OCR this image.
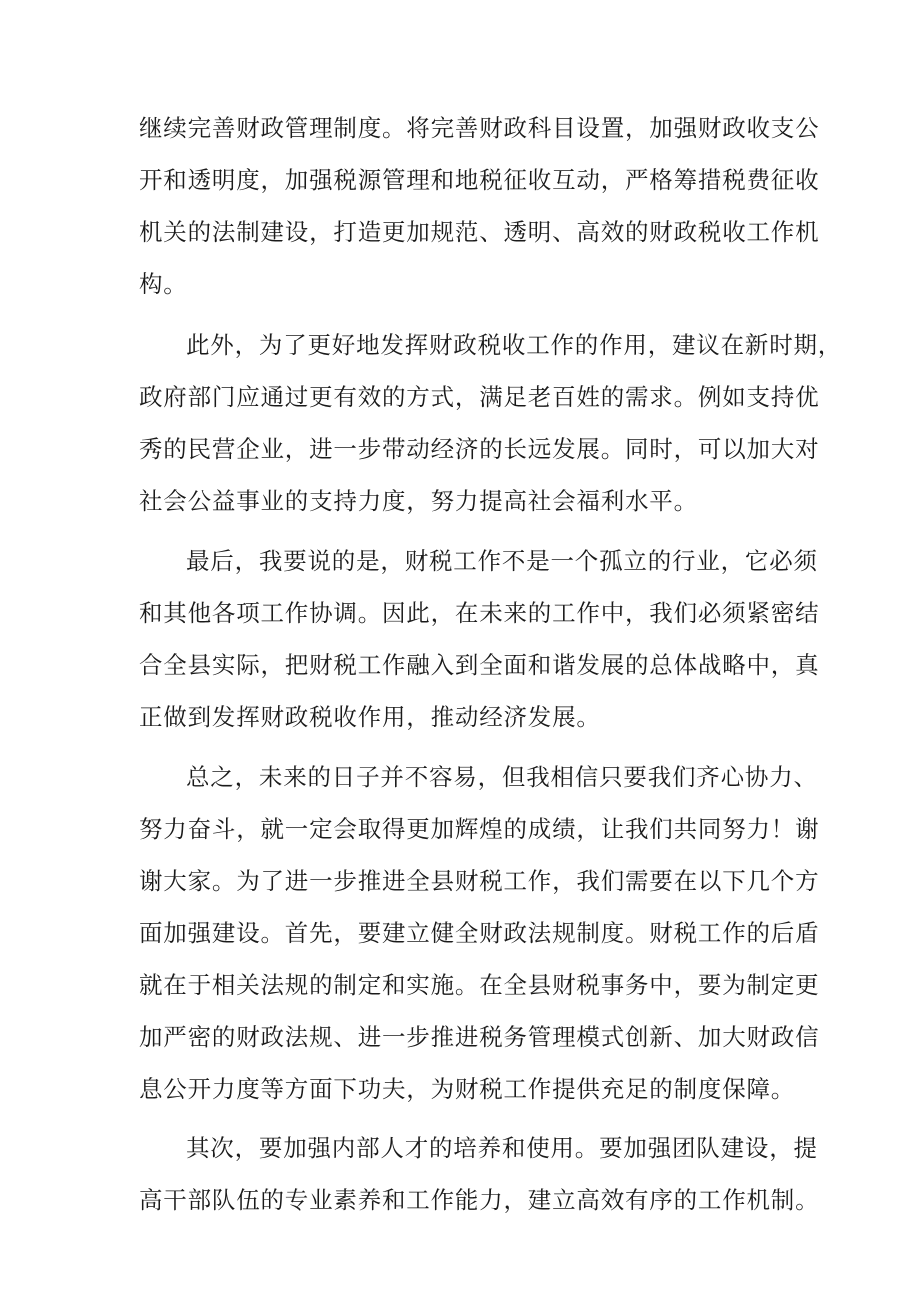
继续完善财政管理制度。将完善财政科目设置，加强财政收支公
开和透明度，加强税源管理和地税征收互动，严格筹措税费征收
机关的法制建设，打造更加规范、透明、高效的财政税收工作机
构。
此外，为了更好地发挥财政税收工作的作用，建议在新时期，
政府部门应通过更有效的方式，满足老百姓的需求。例如支持优
秀的民营企业，进一步带动经济的长远发展。同时，可以加大对
社会公益事业的支持力度，努力提高社会福利水平。
最后，我要说的是，财税工作不是一个孤立的行业，它必须
和其他各项工作协调。因此，在未来的工作中，我们必须紧密结
合全县实际，把财税工作融入到全面和谐发展的总体战略中，真
正做到发挥财政税收作用，推动经济发展。
总之，未来的日子并不容易，但我相信只要我们齐心协力、
努力奋斗，就一定会取得更加辉煌的成绩，让我们共同努力！谢
谢大家。为了进一步推进全县财税工作，我们需要在以下几个方
面加强建设。首先，要建立健全财政法规制度。财税工作的后盾
就在于相关法规的制定和实施。在全县财税事务中，要为制定更
加严密的财政法规、进一步推进税务管理模式创新、加大财政信
息公开力度等方面下功夫，为财税工作提供充足的制度保障。
其次，要加强内部人才的培养和使用。要加强团队建设，提
高干部队伍的专业素养和工作能力，建立高效有序的工作机制。
